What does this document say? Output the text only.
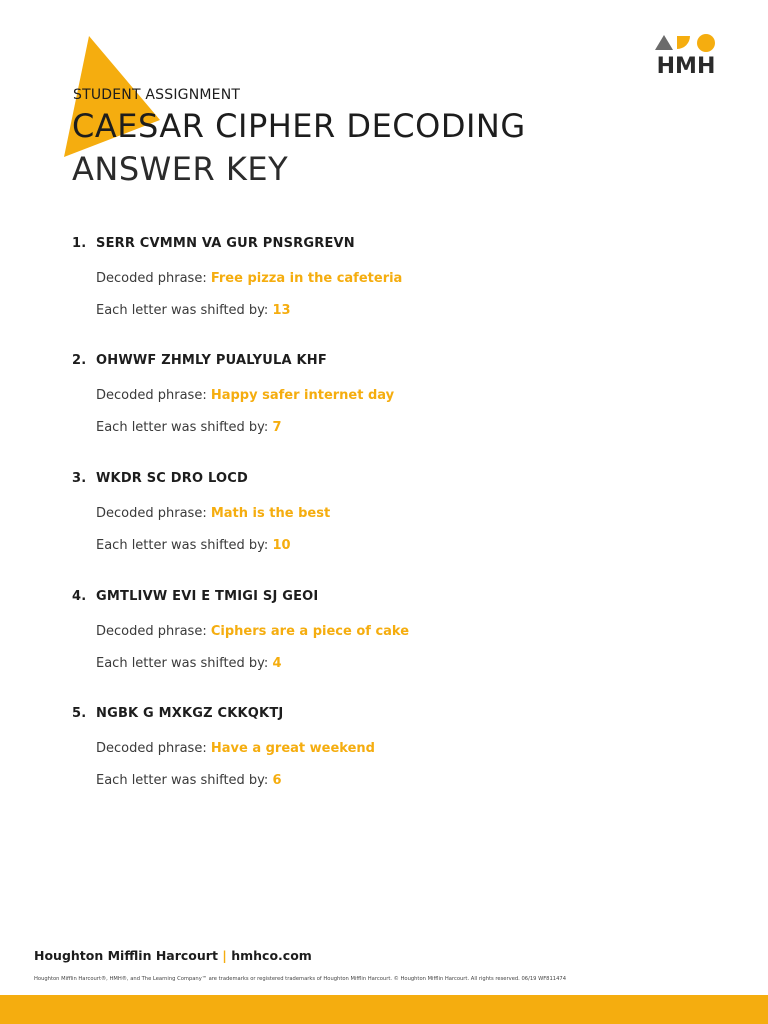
HMH
STUDENT ASSIGNMENT
CAESAR CIPHER DECODING
ANSWER KEY
1. SERR CVMMN VA GUR PNSRGREVN
Decoded phrase: Free pizza in the cafeteria
Each letter was shifted by: 13
2. OHWWF ZHMLY PUALYULA KHF
Decoded phrase: Happy safer internet day
Each letter was shifted by: 7
3. WKDR SC DRO LOCD
Decoded phrase: Math is the best
Each letter was shifted by: 10
4. GMTLIVW EVI E TMIGI SJ GEOI
Decoded phrase: Ciphers are a piece of cake
Each letter was shifted by: 4
5. NGBK G MXKGZ CKKQKTJ
Decoded phrase: Have a great weekend
Each letter was shifted by: 6
Houghton Mifflin Harcourt | hmhco.com
Houghton Mifflin Harcourt®, HMH®, and The Learning Company™ are trademarks or registered trademarks of Houghton Mifflin Harcourt. © Houghton Mifflin Harcourt. All rights reserved. 06/19 WF811474
